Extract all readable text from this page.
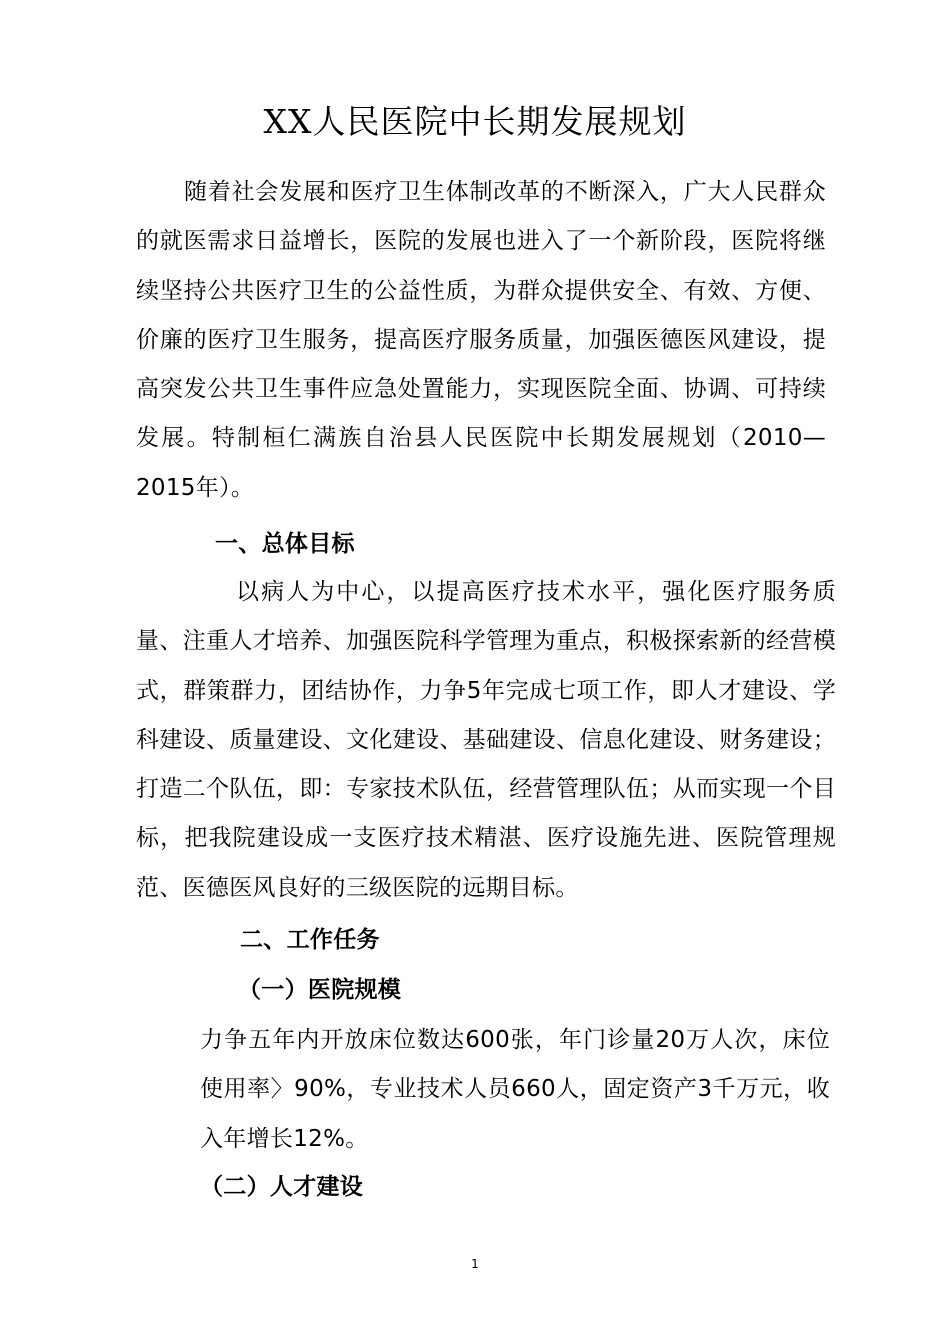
XX人民医院中长期发展规划

随着社会发展和医疗卫生体制改革的不断深入，广大人民群众的就医需求日益增长，医院的发展也进入了一个新阶段，医院将继续坚持公共医疗卫生的公益性质，为群众提供安全、有效、方便、价廉的医疗卫生服务，提高医疗服务质量，加强医德医风建设，提高突发公共卫生事件应急处置能力，实现医院全面、协调、可持续发展。特制桓仁满族自治县人民医院中长期发展规划（2010—2015年）。

一、总体目标

以病人为中心，以提高医疗技术水平，强化医疗服务质量、注重人才培养、加强医院科学管理为重点，积极探索新的经营模式，群策群力，团结协作，力争5年完成七项工作，即人才建设、学科建设、质量建设、文化建设、基础建设、信息化建设、财务建设；打造二个队伍，即：专家技术队伍，经营管理队伍；从而实现一个目标，把我院建设成一支医疗技术精湛、医疗设施先进、医院管理规范、医德医风良好的三级医院的远期目标。

二、工作任务
（一）医院规模

力争五年内开放床位数达600张，年门诊量20万人次，床位使用率〉90%，专业技术人员660人，固定资产3千万元，收入年增长12%。

（二）人才建设
1
